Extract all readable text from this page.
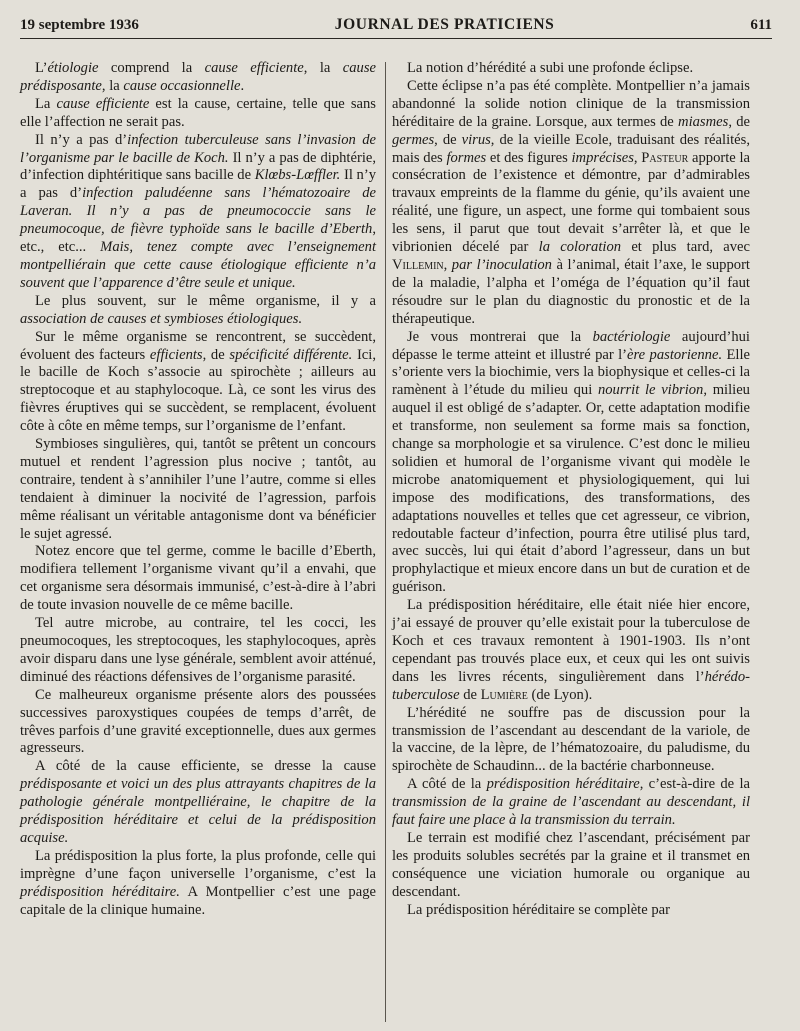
19 septembre 1936	JOURNAL DES PRATICIENS	611

L’étiologie comprend la cause efficiente, la cause prédisposante, la cause occasionnelle.

La cause efficiente est la cause, certaine, telle que sans elle l’affection ne serait pas.

Il n’y a pas d’infection tuberculeuse sans l’invasion de l’organisme par le bacille de Koch. Il n’y a pas de diphtérie, d’infection diphtéritique sans bacille de Klœbs-Lœffler. Il n’y a pas d’infection paludéenne sans l’hématozoaire de Laveran. Il n’y a pas de pneumococcie sans le pneumocoque, de fièvre typhoïde sans le bacille d’Eberth, etc., etc... Mais, tenez compte avec l’enseignement montpelliérain que cette cause étiologique efficiente n’a souvent que l’apparence d’être seule et unique.

Le plus souvent, sur le même organisme, il y a association de causes et symbioses étiologiques.

Sur le même organisme se rencontrent, se succèdent, évoluent des facteurs efficients, de spécificité différente. Ici, le bacille de Koch s’associe au spirochète ; ailleurs au streptocoque et au staphylocoque. Là, ce sont les virus des fièvres éruptives qui se succèdent, se remplacent, évoluent côte à côte en même temps, sur l’organisme de l’enfant.

Symbioses singulières, qui, tantôt se prêtent un concours mutuel et rendent l’agression plus nocive ; tantôt, au contraire, tendent à s’annihiler l’une l’autre, comme si elles tendaient à diminuer la nocivité de l’agression, parfois même réalisant un véritable antagonisme dont va bénéficier le sujet agressé.

Notez encore que tel germe, comme le bacille d’Eberth, modifiera tellement l’organisme vivant qu’il a envahi, que cet organisme sera désormais immunisé, c’est-à-dire à l’abri de toute invasion nouvelle de ce même bacille.

Tel autre microbe, au contraire, tel les cocci, les pneumocoques, les streptocoques, les staphylocoques, après avoir disparu dans une lyse générale, semblent avoir atténué, diminué des réactions défensives de l’organisme parasité.

Ce malheureux organisme présente alors des poussées successives paroxystiques coupées de temps d’arrêt, de trêves parfois d’une gravité exceptionnelle, dues aux germes agresseurs.

A côté de la cause efficiente, se dresse la cause prédisposante et voici un des plus attrayants chapitres de la pathologie générale montpelliéraine, le chapitre de la prédisposition héréditaire et celui de la prédisposition acquise.

La prédisposition la plus forte, la plus profonde, celle qui imprègne d’une façon universelle l’organisme, c’est la prédisposition héréditaire. A Montpellier c’est une page capitale de la clinique humaine.

La notion d’hérédité a subi une profonde éclipse.

Cette éclipse n’a pas été complète. Montpellier n’a jamais abandonné la solide notion clinique de la transmission héréditaire de la graine. Lorsque, aux termes de miasmes, de germes, de virus, de la vieille Ecole, traduisant des réalités, mais des formes et des figures imprécises, Pasteur apporte la consécration de l’existence et démontre, par d’admirables travaux empreints de la flamme du génie, qu’ils avaient une réalité, une figure, un aspect, une forme qui tombaient sous les sens, il parut que tout devait s’arrêter là, et que le vibrionien décelé par la coloration et plus tard, avec Villemin, par l’inoculation à l’animal, était l’axe, le support de la maladie, l’alpha et l’oméga de l’équation qu’il faut résoudre sur le plan du diagnostic du pronostic et de la thérapeutique.

Je vous montrerai que la bactériologie aujourd’hui dépasse le terme atteint et illustré par l’ère pastorienne. Elle s’oriente vers la biochimie, vers la biophysique et celles-ci la ramènent à l’étude du milieu qui nourrit le vibrion, milieu auquel il est obligé de s’adapter. Or, cette adaptation modifie et transforme, non seulement sa forme mais sa fonction, change sa morphologie et sa virulence. C’est donc le milieu solidien et humoral de l’organisme vivant qui modèle le microbe anatomiquement et physiologiquement, qui lui impose des modifications, des transformations, des adaptations nouvelles et telles que cet agresseur, ce vibrion, redoutable facteur d’infection, pourra être utilisé plus tard, avec succès, lui qui était d’abord l’agresseur, dans un but prophylactique et mieux encore dans un but de curation et de guérison.

La prédisposition héréditaire, elle était niée hier encore, j’ai essayé de prouver qu’elle existait pour la tuberculose de Koch et ces travaux remontent à 1901-1903. Ils n’ont cependant pas trouvés place eux, et ceux qui les ont suivis dans les livres récents, singulièrement dans l’hérédo-tuberculose de Lumière (de Lyon).

L’hérédité ne souffre pas de discussion pour la transmission de l’ascendant au descendant de la variole, de la vaccine, de la lèpre, de l’hématozoaire, du paludisme, du spirochète de Schaudinn... de la bactérie charbonneuse.

A côté de la prédisposition héréditaire, c’est-à-dire de la transmission de la graine de l’ascendant au descendant, il faut faire une place à la transmission du terrain.

Le terrain est modifié chez l’ascendant, précisément par les produits solubles secrétés par la graine et il transmet en conséquence une viciation humorale ou organique au descendant.

La prédisposition héréditaire se complète par
